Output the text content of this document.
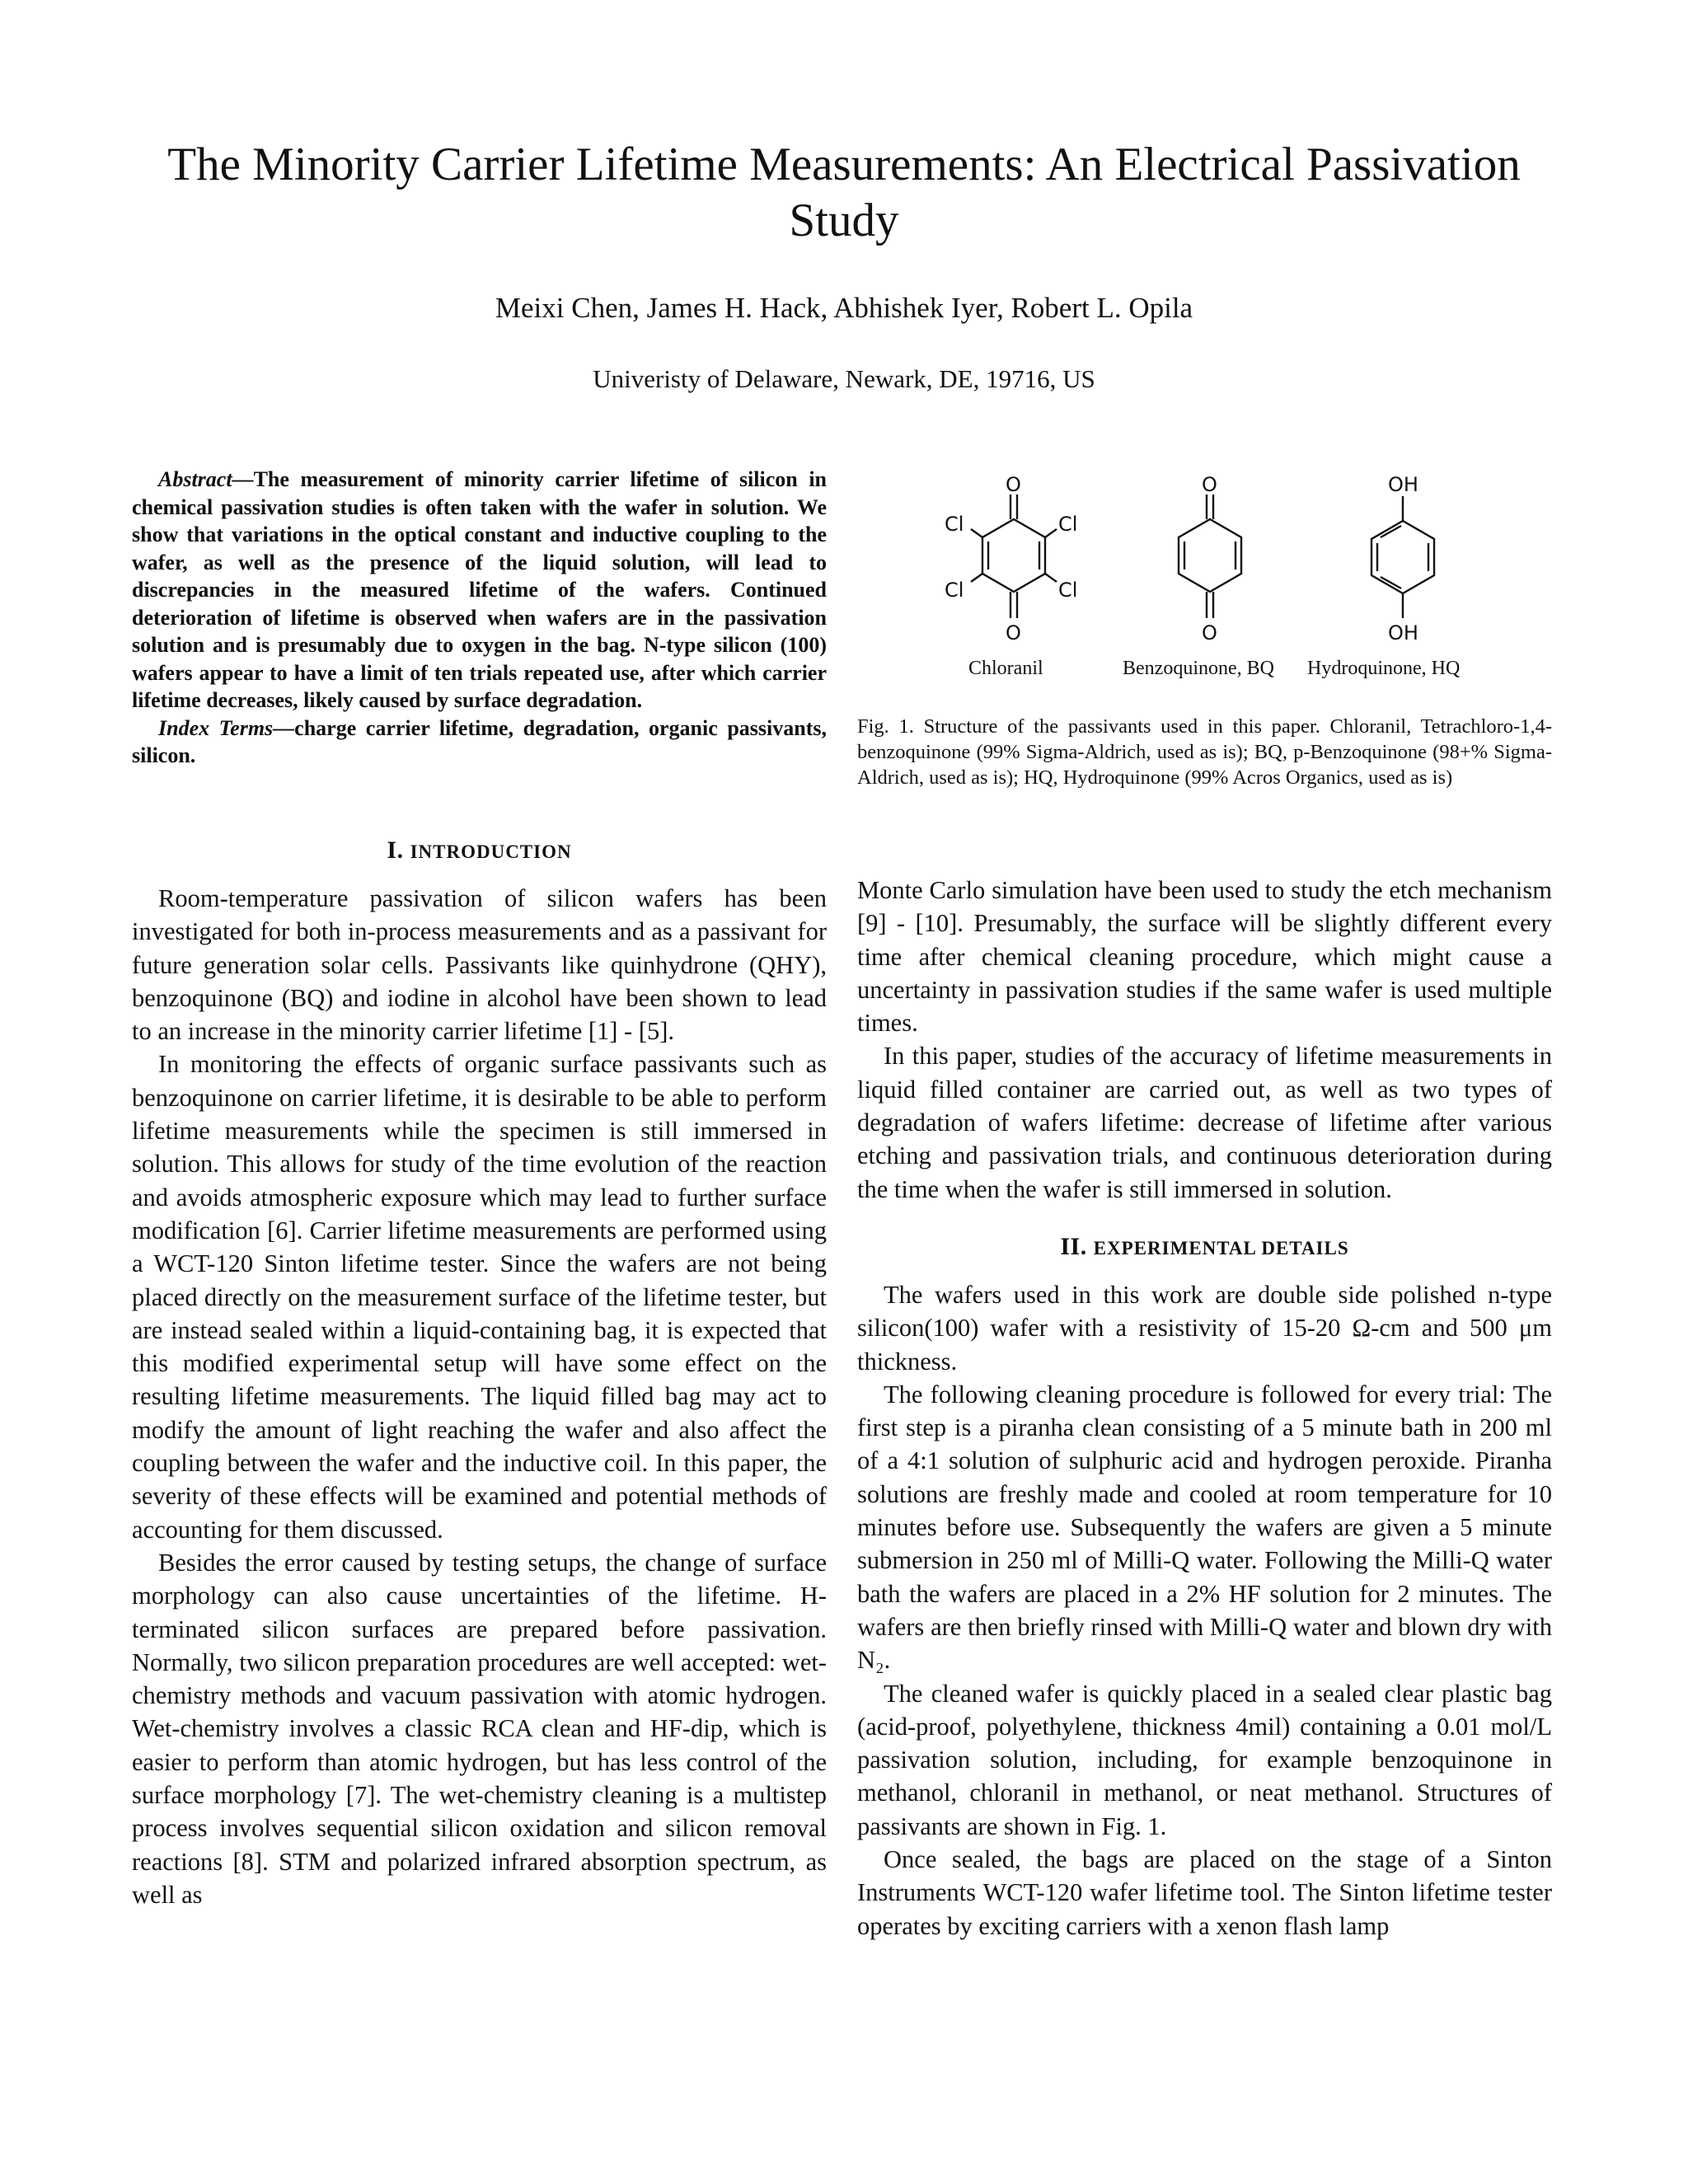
The Minority Carrier Lifetime Measurements: An Electrical Passivation Study
Meixi Chen, James H. Hack, Abhishek Iyer, Robert L. Opila
Univeristy of Delaware, Newark, DE, 19716, US

Abstract—The measurement of minority carrier lifetime of silicon in chemical passivation studies is often taken with the wafer in solution. We show that variations in the optical constant and inductive coupling to the wafer, as well as the presence of the liquid solution, will lead to discrepancies in the measured lifetime of the wafers. Continued deterioration of lifetime is observed when wafers are in the passivation solution and is presumably due to oxygen in the bag. N-type silicon (100) wafers appear to have a limit of ten trials repeated use, after which carrier lifetime decreases, likely caused by surface degradation.

Index Terms—charge carrier lifetime, degradation, organic passivants, silicon.

O
O
Cl
Cl
Cl
Cl
O
O
OH
OH
Chloranil	Benzoquinone, BQ Hydroquinone, HQ
Fig. 1. Structure of the passivants used in this paper. Chloranil, Tetrachloro-1,4-benzoquinone (99% Sigma-Aldrich, used as is); BQ, p-Benzoquinone (98+% Sigma-Aldrich, used as is); HQ, Hydroquinone (99% Acros Organics, used as is)
I. INTRODUCTION

Room-temperature passivation of silicon wafers has been investigated for both in-process measurements and as a passivant for future generation solar cells. Passivants like quinhydrone (QHY), benzoquinone (BQ) and iodine in alcohol have been shown to lead to an increase in the minority carrier lifetime [1] - [5].

In monitoring the effects of organic surface passivants such as benzoquinone on carrier lifetime, it is desirable to be able to perform lifetime measurements while the specimen is still immersed in solution. This allows for study of the time evolution of the reaction and avoids atmospheric exposure which may lead to further surface modification [6]. Carrier lifetime measurements are performed using a WCT-120 Sinton lifetime tester. Since the wafers are not being placed directly on the measurement surface of the lifetime tester, but are instead sealed within a liquid-containing bag, it is expected that this modified experimental setup will have some effect on the resulting lifetime measurements. The liquid filled bag may act to modify the amount of light reaching the wafer and also affect the coupling between the wafer and the inductive coil. In this paper, the severity of these effects will be examined and potential methods of accounting for them discussed.

Besides the error caused by testing setups, the change of surface morphology can also cause uncertainties of the lifetime. H-terminated silicon surfaces are prepared before passivation. Normally, two silicon preparation procedures are well accepted: wet-chemistry methods and vacuum passivation with atomic hydrogen. Wet-chemistry involves a classic RCA clean and HF-dip, which is easier to perform than atomic hydrogen, but has less control of the surface morphology [7]. The wet-chemistry cleaning is a multistep process involves sequential silicon oxidation and silicon removal reactions [8]. STM and polarized infrared absorption spectrum, as well as

Monte Carlo simulation have been used to study the etch mechanism [9] - [10]. Presumably, the surface will be slightly different every time after chemical cleaning procedure, which might cause a uncertainty in passivation studies if the same wafer is used multiple times.

In this paper, studies of the accuracy of lifetime measurements in liquid filled container are carried out, as well as two types of degradation of wafers lifetime: decrease of lifetime after various etching and passivation trials, and continuous deterioration during the time when the wafer is still immersed in solution.

II. EXPERIMENTAL DETAILS

The wafers used in this work are double side polished n-type silicon(100) wafer with a resistivity of 15-20 Ω-cm and 500 μm thickness.

The following cleaning procedure is followed for every trial: The first step is a piranha clean consisting of a 5 minute bath in 200 ml of a 4:1 solution of sulphuric acid and hydrogen peroxide. Piranha solutions are freshly made and cooled at room temperature for 10 minutes before use. Subsequently the wafers are given a 5 minute submersion in 250 ml of Milli-Q water. Following the Milli-Q water bath the wafers are placed in a 2% HF solution for 2 minutes. The wafers are then briefly rinsed with Milli-Q water and blown dry with N₂.

The cleaned wafer is quickly placed in a sealed clear plastic bag (acid-proof, polyethylene, thickness 4mil) containing a 0.01 mol/L passivation solution, including, for example benzoquinone in methanol, chloranil in methanol, or neat methanol. Structures of passivants are shown in Fig. 1.

Once sealed, the bags are placed on the stage of a Sinton Instruments WCT-120 wafer lifetime tool. The Sinton lifetime tester operates by exciting carriers with a xenon flash lamp
